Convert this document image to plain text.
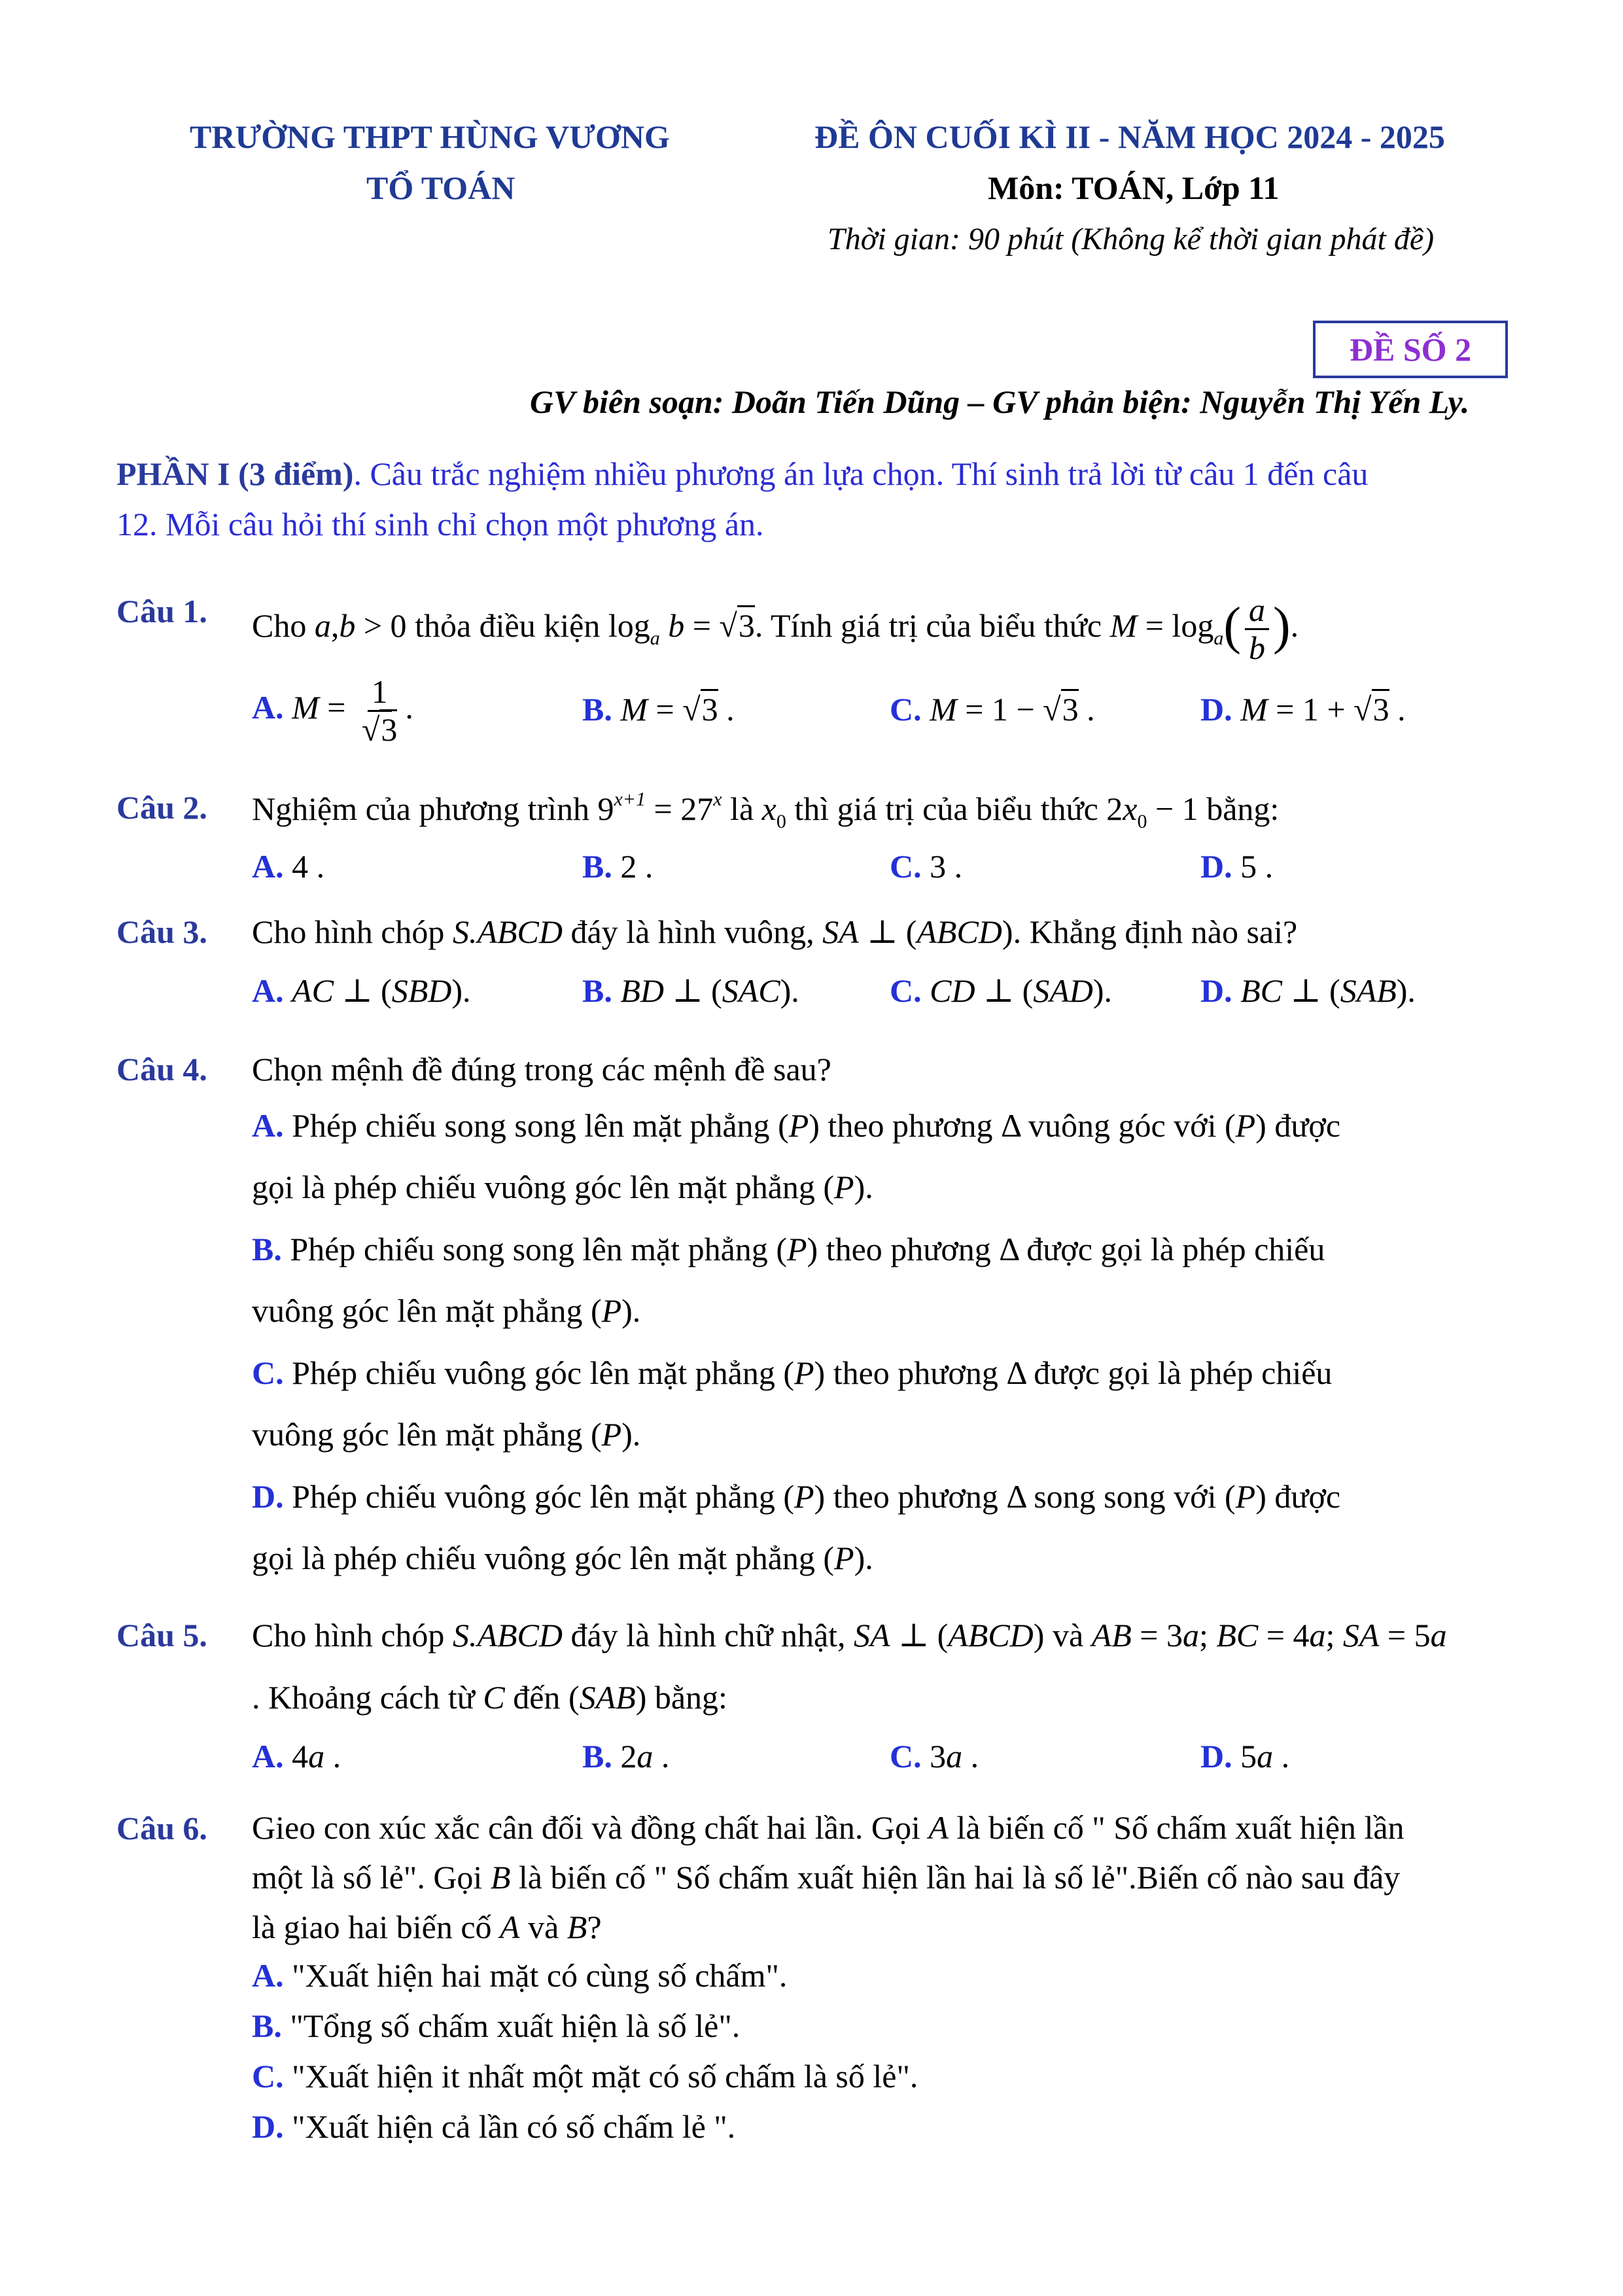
TRƯỜNG THPT HÙNG VƯƠNG
TỔ TOÁN
ĐỀ ÔN CUỐI KÌ II - NĂM HỌC 2024 - 2025
Môn: TOÁN, Lớp 11
Thời gian: 90 phút (Không kể thời gian phát đề)
ĐỀ SỐ 2
GV biên soạn: Doãn Tiến Dũng – GV phản biện: Nguyễn Thị Yến Ly.
PHẦN I (3 điểm). Câu trắc nghiệm nhiều phương án lựa chọn. Thí sinh trả lời từ câu 1 đến câu
12. Mỗi câu hỏi thí sinh chỉ chọn một phương án.
Câu 1. Cho a,b > 0 thỏa điều kiện $\log_a b = √3$. Tính giá trị của biểu thức $M = \log_a( \frac{a}{b}$ ).
A. $M = \frac{1}{√3}$ .	B. M = √3 .	C. M = 1 − √3 .	D. M = 1 + √3 .
Câu 2. Nghiệm của phương trình $9^{x+1} = 27^x$ là $x_0$ thì giá trị của biểu thức $2x_0 - 1$ bằng:
A. 4 .	B. 2 .	C. 3 .	D. 5 .
Câu 3. Cho hình chóp S.ABCD đáy là hình vuông, SA ⊥ (ABCD). Khẳng định nào sai?
A. AC ⊥ (SBD).	B. BD ⊥ (SAC).	C. CD ⊥ (SAD).	D. BC ⊥ (SAB).
Câu 4. Chọn mệnh đề đúng trong các mệnh đề sau?
A. Phép chiếu song song lên mặt phẳng (P) theo phương Δ vuông góc với (P) được
gọi là phép chiếu vuông góc lên mặt phẳng (P).
B. Phép chiếu song song lên mặt phẳng (P) theo phương Δ được gọi là phép chiếu
vuông góc lên mặt phẳng (P).
C. Phép chiếu vuông góc lên mặt phẳng (P) theo phương Δ được gọi là phép chiếu
vuông góc lên mặt phẳng (P).
D. Phép chiếu vuông góc lên mặt phẳng (P) theo phương Δ song song với (P) được
gọi là phép chiếu vuông góc lên mặt phẳng (P).
Câu 5. Cho hình chóp S.ABCD đáy là hình chữ nhật, SA ⊥ (ABCD) và AB = 3a; BC = 4a; SA = 5a
. Khoảng cách từ C đến (SAB) bằng:
A. 4a .	B. 2a .	C. 3a .	D. 5a .
Câu 6. Gieo con xúc xắc cân đối và đồng chất hai lần. Gọi A là biến cố " Số chấm xuất hiện lần
một là số lẻ". Gọi B là biến cố " Số chấm xuất hiện lần hai là số lẻ".Biến cố nào sau đây
là giao hai biến cố A và B?
A. "Xuất hiện hai mặt có cùng số chấm".
B. "Tổng số chấm xuất hiện là số lẻ".
C. "Xuất hiện it nhất một mặt có số chấm là số lẻ".
D. "Xuất hiện cả lần có số chấm lẻ ".
